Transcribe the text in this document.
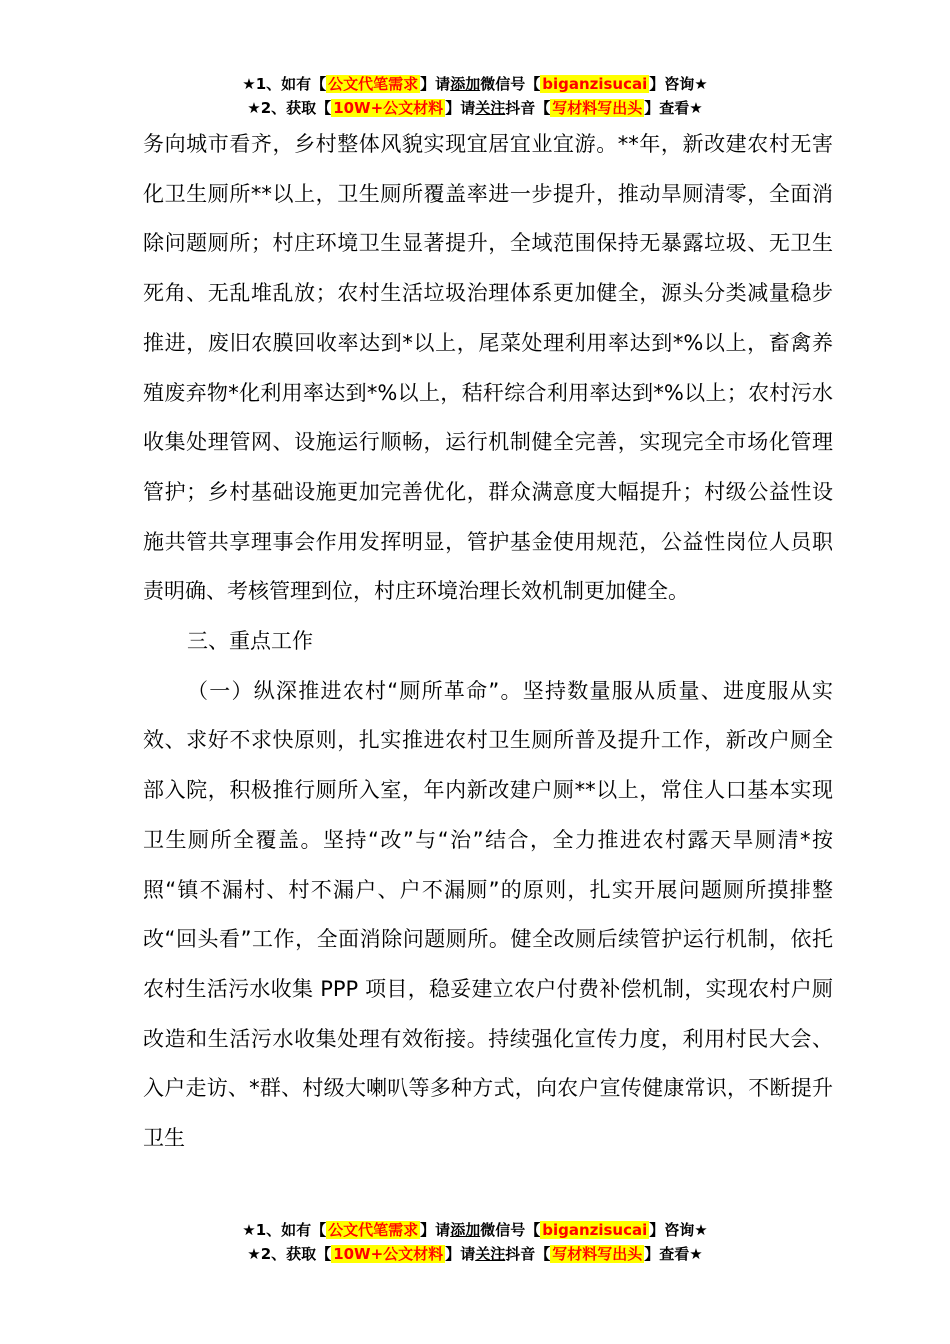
★1、如有【 公文代笔需求 】请添加微信号【 biganzisucai 】咨询★
★2、获取【 10W+公文材料 】请关注抖音【 写材料写出头 】查看★

务向城市看齐，乡村整体风貌实现宜居宜业宜游。**年，新改建农村无害化卫生厕所**以上，卫生厕所覆盖率进一步提升，推动旱厕清零，全面消除问题厕所；村庄环境卫生显著提升，全域范围保持无暴露垃圾、无卫生死角、无乱堆乱放；农村生活垃圾治理体系更加健全，源头分类减量稳步推进，废旧农膜回收率达到*以上，尾菜处理利用率达到*%以上，畜禽养殖废弃物*化利用率达到*%以上，秸秆综合利用率达到*%以上；农村污水收集处理管网、设施运行顺畅，运行机制健全完善，实现完全市场化管理管护；乡村基础设施更加完善优化，群众满意度大幅提升；村级公益性设施共管共享理事会作用发挥明显，管护基金使用规范，公益性岗位人员职责明确、考核管理到位，村庄环境治理长效机制更加健全。

三、重点工作

（一）纵深推进农村“厕所革命”。坚持数量服从质量、进度服从实效、求好不求快原则，扎实推进农村卫生厕所普及提升工作，新改户厕全部入院，积极推行厕所入室，年内新改建户厕**以上，常住人口基本实现卫生厕所全覆盖。坚持“改”与“治”结合，全力推进农村露天旱厕清*按照“镇不漏村、村不漏户、户不漏厕”的原则，扎实开展问题厕所摸排整改“回头看”工作，全面消除问题厕所。健全改厕后续管护运行机制，依托农村生活污水收集 PPP 项目，稳妥建立农户付费补偿机制，实现农村户厕改造和生活污水收集处理有效衔接。持续强化宣传力度，利用村民大会、入户走访、*群、村级大喇叭等多种方式，向农户宣传健康常识，不断提升卫生

★1、如有【 公文代笔需求 】请添加微信号【 biganzisucai 】咨询★
★2、获取【 10W+公文材料 】请关注抖音【 写材料写出头 】查看★
